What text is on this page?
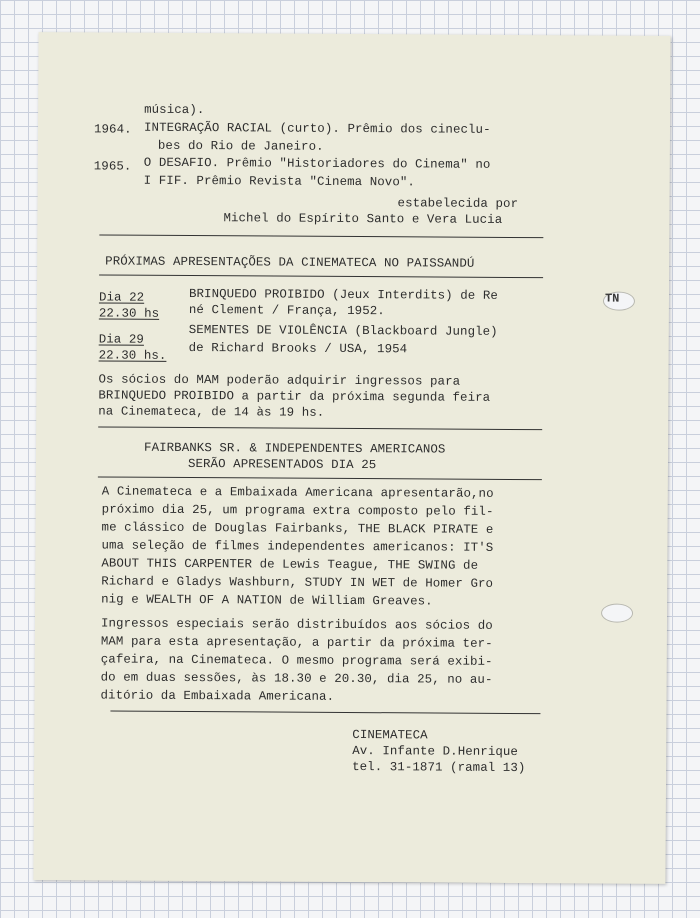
TN
música).
1964. INTEGRAÇÃO RACIAL (curto). Prêmio dos cineclu-
bes do Rio de Janeiro.
1965. O DESAFIO. Prêmio "Historiadores do Cinema" no
I FIF. Prêmio Revista "Cinema Novo".
estabelecida por
Michel do Espírito Santo e Vera Lucia
PRÓXIMAS APRESENTAÇÕES DA CINEMATECA NO PAISSANDÚ
Dia 22
22.30 hs
BRINQUEDO PROIBIDO (Jeux Interdits) de Re
né Clement / França, 1952.
Dia 29
22.30 hs.
SEMENTES DE VIOLÊNCIA (Blackboard Jungle)
de Richard Brooks / USA, 1954
Os sócios do MAM poderão adquirir ingressos para
BRINQUEDO PROIBIDO a partir da próxima segunda feira
na Cinemateca, de 14 às 19 hs.
FAIRBANKS SR. & INDEPENDENTES AMERICANOS
SERÃO APRESENTADOS DIA 25
A Cinemateca e a Embaixada Americana apresentarão,no
próximo dia 25, um programa extra composto pelo fil-
me clássico de Douglas Fairbanks, THE BLACK PIRATE e
uma seleção de filmes independentes americanos: IT'S
ABOUT THIS CARPENTER de Lewis Teague, THE SWING de
Richard e Gladys Washburn, STUDY IN WET de Homer Gro
nig e WEALTH OF A NATION de William Greaves.
Ingressos especiais serão distribuídos aos sócios do
MAM para esta apresentação, a partir da próxima ter-
çafeira, na Cinemateca. O mesmo programa será exibi-
do em duas sessões, às 18.30 e 20.30, dia 25, no au-
ditório da Embaixada Americana.
CINEMATECA
Av. Infante D.Henrique
tel. 31-1871 (ramal 13)
